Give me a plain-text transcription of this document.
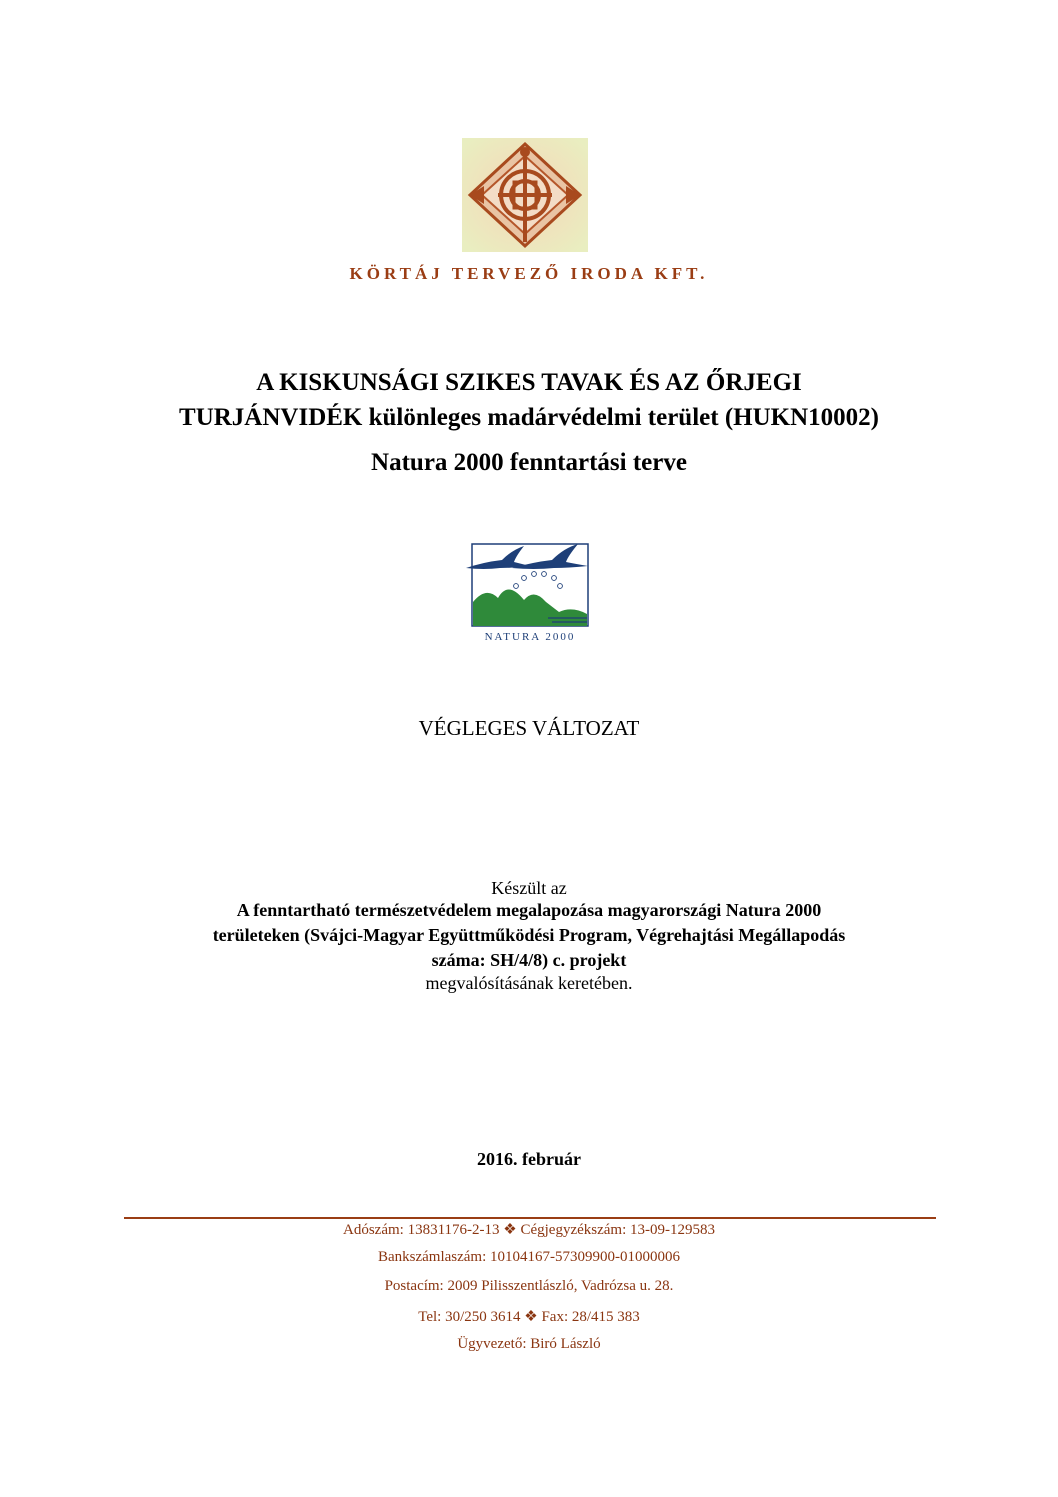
KÖRTÁJ TERVEZŐ IRODA KFT.
A KISKUNSÁGI SZIKES TAVAK ÉS AZ ŐRJEGI
TURJÁNVIDÉK különleges madárvédelmi terület (HUKN10002)
Natura 2000 fenntartási terve
NATURA 2000
VÉGLEGES VÁLTOZAT
Készült az
A fenntartható természetvédelem megalapozása magyarországi Natura 2000
területeken (Svájci-Magyar Együttműködési Program, Végrehajtási Megállapodás
száma: SH/4/8) c. projekt
megvalósításának keretében.
2016. február
Adószám: 13831176-2-13 ❖ Cégjegyzékszám: 13-09-129583
Bankszámlaszám: 10104167-57309900-01000006
Postacím: 2009 Pilisszentlászló, Vadrózsa u. 28.
Tel: 30/250 3614 ❖ Fax: 28/415 383
Ügyvezető: Biró László
